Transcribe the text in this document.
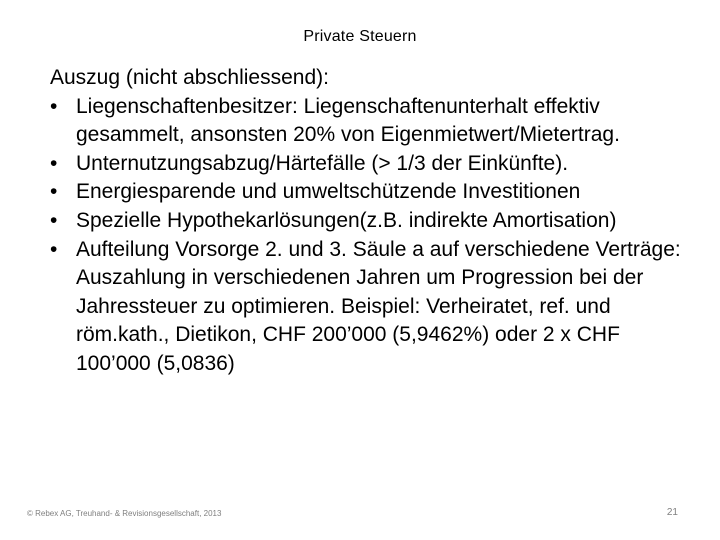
Private Steuern

Auszug (nicht abschliessend):

• Liegenschaftenbesitzer: Liegenschaftenunterhalt effektiv gesammelt, ansonsten 20% von Eigenmietwert/Mietertrag.
• Unternutzungsabzug/Härtefälle (> 1/3 der Einkünfte).
• Energiesparende und umweltschützende Investitionen
• Spezielle Hypothekarlösungen(z.B. indirekte Amortisation)
• Aufteilung Vorsorge 2. und 3. Säule a auf verschiedene Verträge: Auszahlung in verschiedenen Jahren um Progression bei der Jahressteuer zu optimieren. Beispiel: Verheiratet, ref. und röm.kath., Dietikon, CHF 200’000 (5,9462%) oder 2 x CHF 100’000 (5,0836)
© Rebex AG, Treuhand- & Revisionsgesellschaft, 2013	21
